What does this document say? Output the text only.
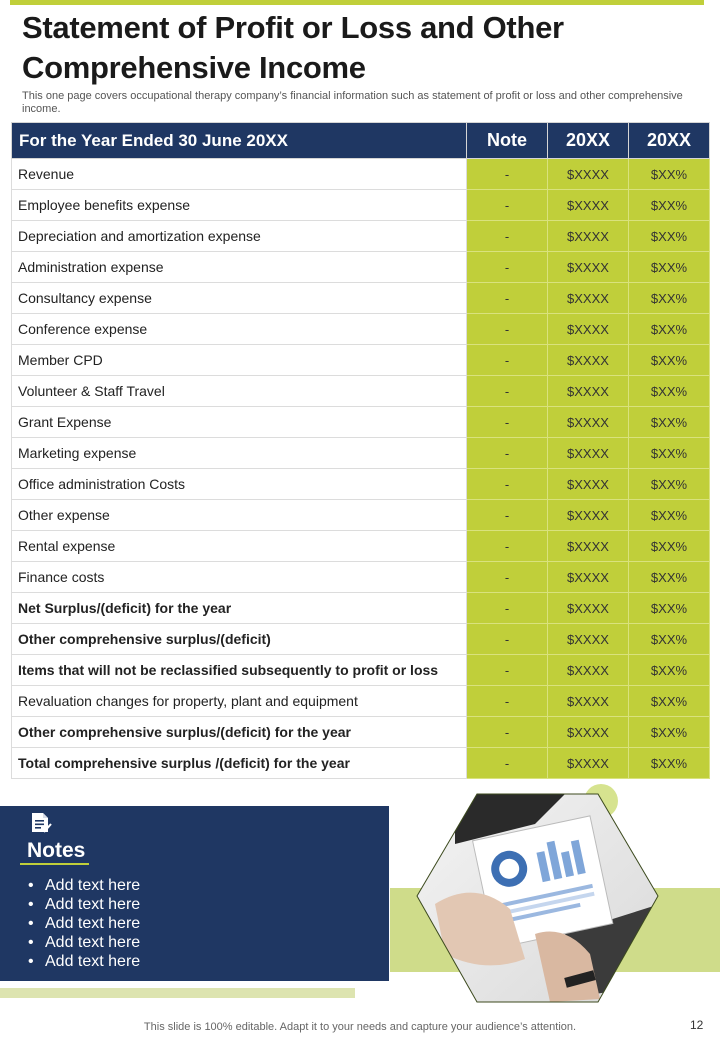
Statement of Profit or Loss and Other Comprehensive Income

This one page covers occupational therapy company’s financial information such as statement of profit or loss and other comprehensive income.

For the Year Ended 30 June 20XX	Note	20XX	20XX
Revenue	-	$XXXX	$XX%
Employee benefits expense	-	$XXXX	$XX%
Depreciation and amortization expense	-	$XXXX	$XX%
Administration expense	-	$XXXX	$XX%
Consultancy expense	-	$XXXX	$XX%
Conference expense	-	$XXXX	$XX%
Member CPD	-	$XXXX	$XX%
Volunteer & Staff Travel	-	$XXXX	$XX%
Grant Expense	-	$XXXX	$XX%
Marketing expense	-	$XXXX	$XX%
Office administration Costs	-	$XXXX	$XX%
Other expense	-	$XXXX	$XX%
Rental expense	-	$XXXX	$XX%
Finance costs	-	$XXXX	$XX%
Net Surplus/(deficit) for the year	-	$XXXX	$XX%
Other comprehensive surplus/(deficit)	-	$XXXX	$XX%
Items that will not be reclassified subsequently to profit or loss	-	$XXXX	$XX%
Revaluation changes for property, plant and equipment	-	$XXXX	$XX%
Other comprehensive surplus/(deficit) for the year	-	$XXXX	$XX%
Total comprehensive surplus /(deficit) for the year	-	$XXXX	$XX%
Notes
• Add text here
• Add text here
• Add text here
• Add text here
• Add text here
This slide is 100% editable. Adapt it to your needs and capture your audience’s attention.	12
